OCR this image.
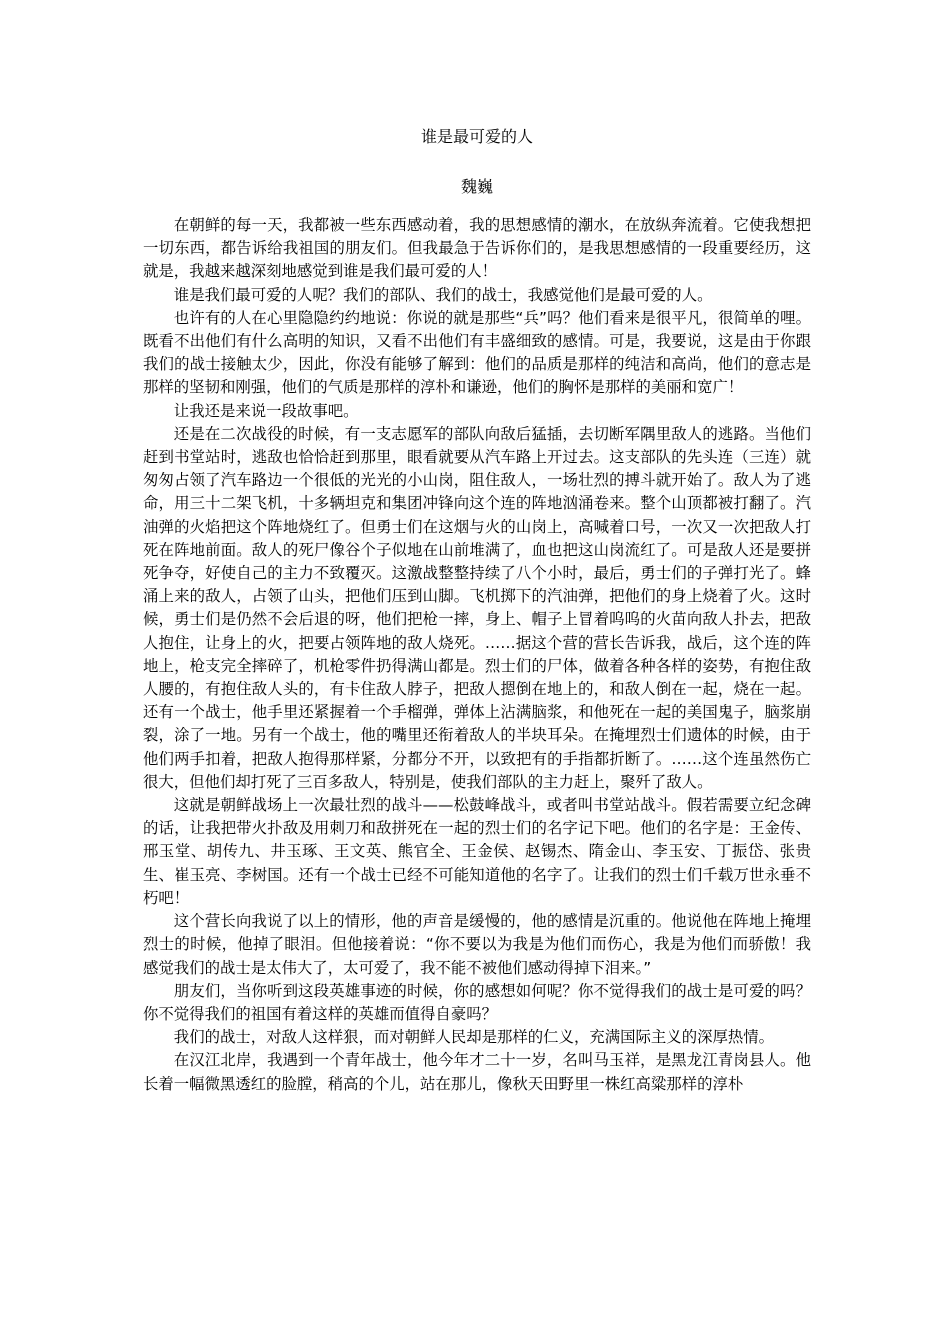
谁是最可爱的人
魏巍

在朝鲜的每一天，我都被一些东西感动着，我的思想感情的潮水，在放纵奔流着。它使我想把一切东西，都告诉给我祖国的朋友们。但我最急于告诉你们的，是我思想感情的一段重要经历，这就是，我越来越深刻地感觉到谁是我们最可爱的人！

谁是我们最可爱的人呢？我们的部队、我们的战士，我感觉他们是最可爱的人。

也许有的人在心里隐隐约约地说：你说的就是那些“兵”吗？他们看来是很平凡，很简单的哩。既看不出他们有什么高明的知识，又看不出他们有丰盛细致的感情。可是，我要说，这是由于你跟我们的战士接触太少，因此，你没有能够了解到：他们的品质是那样的纯洁和高尚，他们的意志是那样的坚韧和刚强，他们的气质是那样的淳朴和谦逊，他们的胸怀是那样的美丽和宽广！

让我还是来说一段故事吧。

还是在二次战役的时候，有一支志愿军的部队向敌后猛插，去切断军隅里敌人的逃路。当他们赶到书堂站时，逃敌也恰恰赶到那里，眼看就要从汽车路上开过去。这支部队的先头连（三连）就匆匆占领了汽车路边一个很低的光光的小山岗，阻住敌人，一场壮烈的搏斗就开始了。敌人为了逃命，用三十二架飞机，十多辆坦克和集团冲锋向这个连的阵地汹涌卷来。整个山顶都被打翻了。汽油弹的火焰把这个阵地烧红了。但勇士们在这烟与火的山岗上，高喊着口号，一次又一次把敌人打死在阵地前面。敌人的死尸像谷个子似地在山前堆满了，血也把这山岗流红了。可是敌人还是要拼死争夺，好使自己的主力不致覆灭。这激战整整持续了八个小时，最后，勇士们的子弹打光了。蜂涌上来的敌人，占领了山头，把他们压到山脚。飞机掷下的汽油弹，把他们的身上烧着了火。这时候，勇士们是仍然不会后退的呀，他们把枪一摔，身上、帽子上冒着呜呜的火苗向敌人扑去，把敌人抱住，让身上的火，把要占领阵地的敌人烧死。……据这个营的营长告诉我，战后，这个连的阵地上，枪支完全摔碎了，机枪零件扔得满山都是。烈士们的尸体，做着各种各样的姿势，有抱住敌人腰的，有抱住敌人头的，有卡住敌人脖子，把敌人摁倒在地上的，和敌人倒在一起，烧在一起。还有一个战士，他手里还紧握着一个手榴弹，弹体上沾满脑浆，和他死在一起的美国鬼子，脑浆崩裂，涂了一地。另有一个战士，他的嘴里还衔着敌人的半块耳朵。在掩埋烈士们遗体的时候，由于他们两手扣着，把敌人抱得那样紧，分都分不开，以致把有的手指都折断了。……这个连虽然伤亡很大，但他们却打死了三百多敌人，特别是，使我们部队的主力赶上，聚歼了敌人。

这就是朝鲜战场上一次最壮烈的战斗——松鼓峰战斗，或者叫书堂站战斗。假若需要立纪念碑的话，让我把带火扑敌及用刺刀和敌拼死在一起的烈士们的名字记下吧。他们的名字是：王金传、邢玉堂、胡传九、井玉琢、王文英、熊官全、王金侯、赵锡杰、隋金山、李玉安、丁振岱、张贵生、崔玉亮、李树国。还有一个战士已经不可能知道他的名字了。让我们的烈士们千载万世永垂不朽吧！

这个营长向我说了以上的情形，他的声音是缓慢的，他的感情是沉重的。他说他在阵地上掩埋烈士的时候，他掉了眼泪。但他接着说：“你不要以为我是为他们而伤心，我是为他们而骄傲！我感觉我们的战士是太伟大了，太可爱了，我不能不被他们感动得掉下泪来。”

朋友们，当你听到这段英雄事迹的时候，你的感想如何呢？你不觉得我们的战士是可爱的吗？你不觉得我们的祖国有着这样的英雄而值得自豪吗？

我们的战士，对敌人这样狠，而对朝鲜人民却是那样的仁义，充满国际主义的深厚热情。

在汉江北岸，我遇到一个青年战士，他今年才二十一岁，名叫马玉祥，是黑龙江青岗县人。他长着一幅微黑透红的脸膛，稍高的个儿，站在那儿，像秋天田野里一株红高粱那样的淳朴
